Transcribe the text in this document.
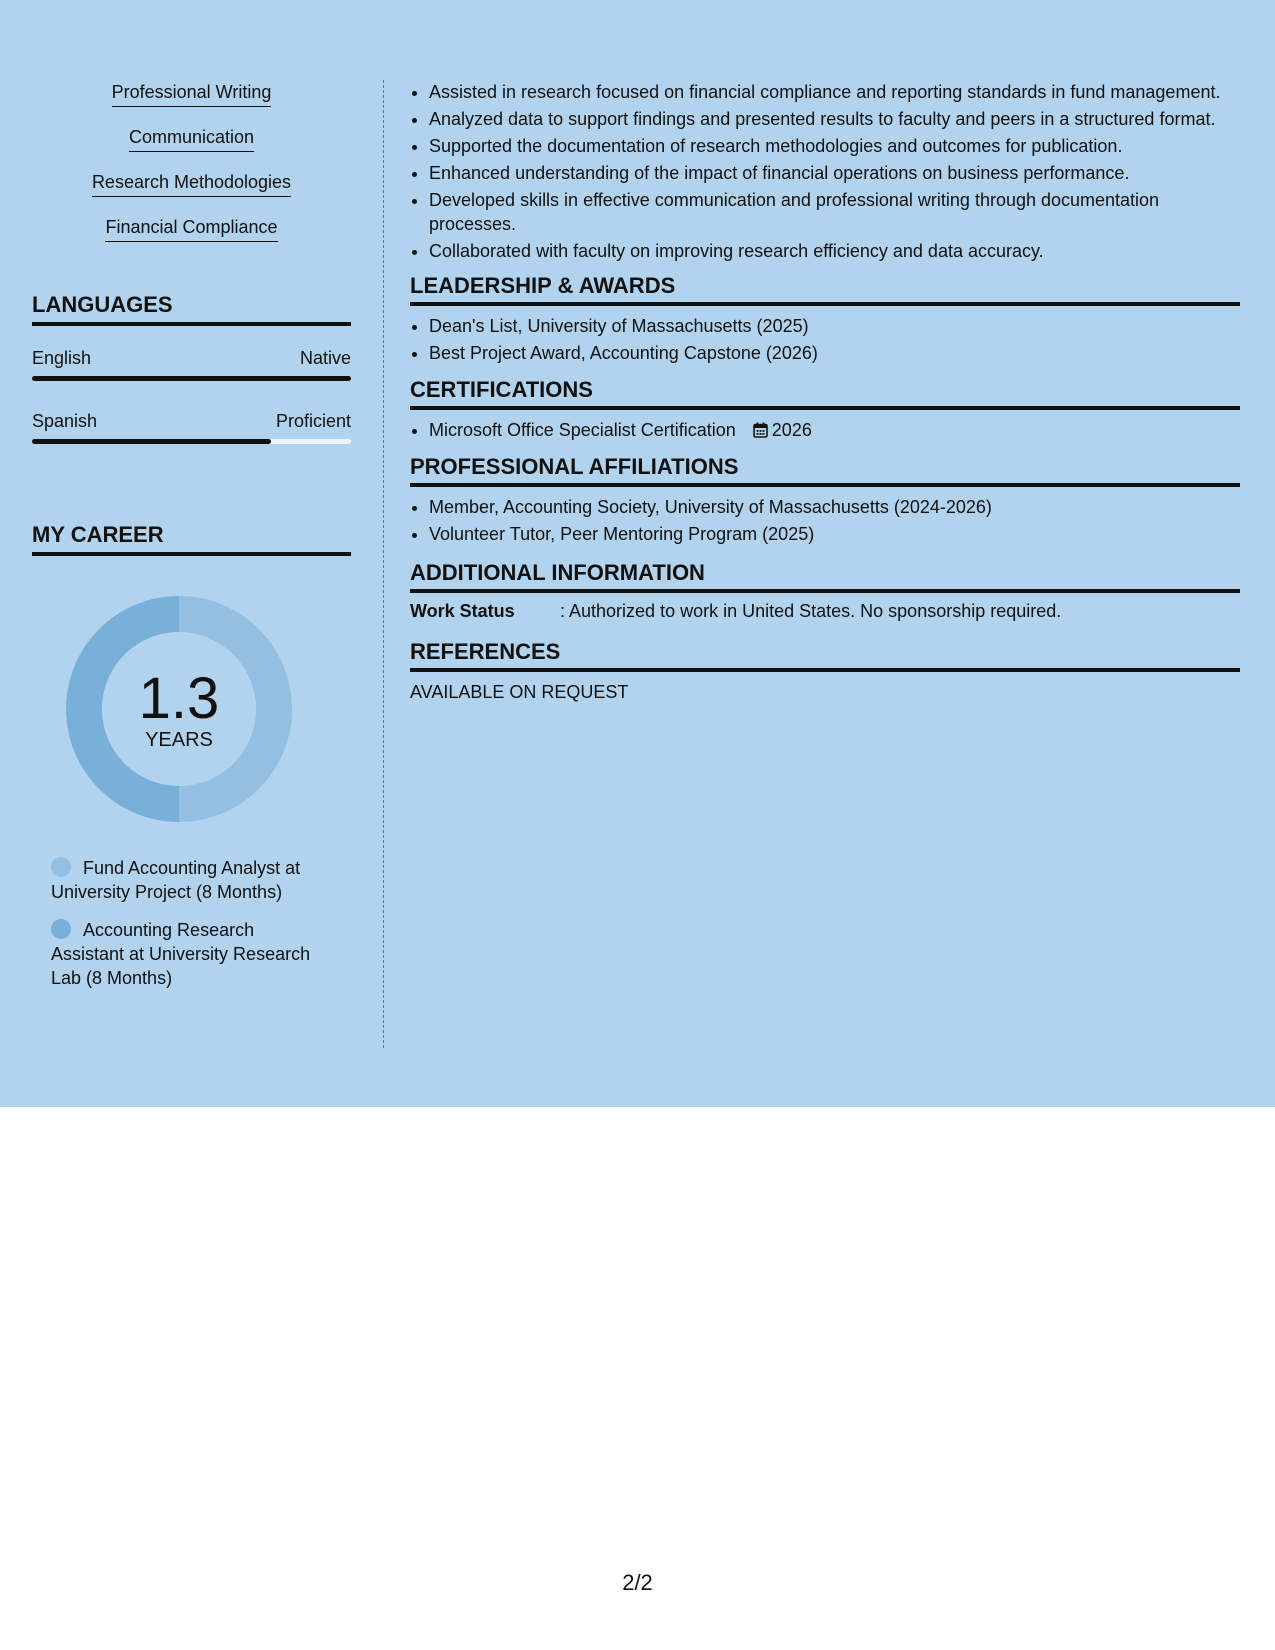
Professional Writing
Communication
Research Methodologies
Financial Compliance
LANGUAGES
English	Native
Spanish	Proficient
MY CAREER
1.3
YEARS
Fund Accounting Analyst at University Project (8 Months)
Accounting Research Assistant at University Research Lab (8 Months)
• Assisted in research focused on financial compliance and reporting standards in fund management.
• Analyzed data to support findings and presented results to faculty and peers in a structured format.
• Supported the documentation of research methodologies and outcomes for publication.
• Enhanced understanding of the impact of financial operations on business performance.
• Developed skills in effective communication and professional writing through documentation processes.
• Collaborated with faculty on improving research efficiency and data accuracy.
LEADERSHIP & AWARDS
• Dean's List, University of Massachusetts (2025)
• Best Project Award, Accounting Capstone (2026)
CERTIFICATIONS
• Microsoft Office Specialist Certification 2026
PROFESSIONAL AFFILIATIONS
• Member, Accounting Society, University of Massachusetts (2024-2026)
• Volunteer Tutor, Peer Mentoring Program (2025)
ADDITIONAL INFORMATION
Work Status	: Authorized to work in United States. No sponsorship required.
REFERENCES
AVAILABLE ON REQUEST
2/2
